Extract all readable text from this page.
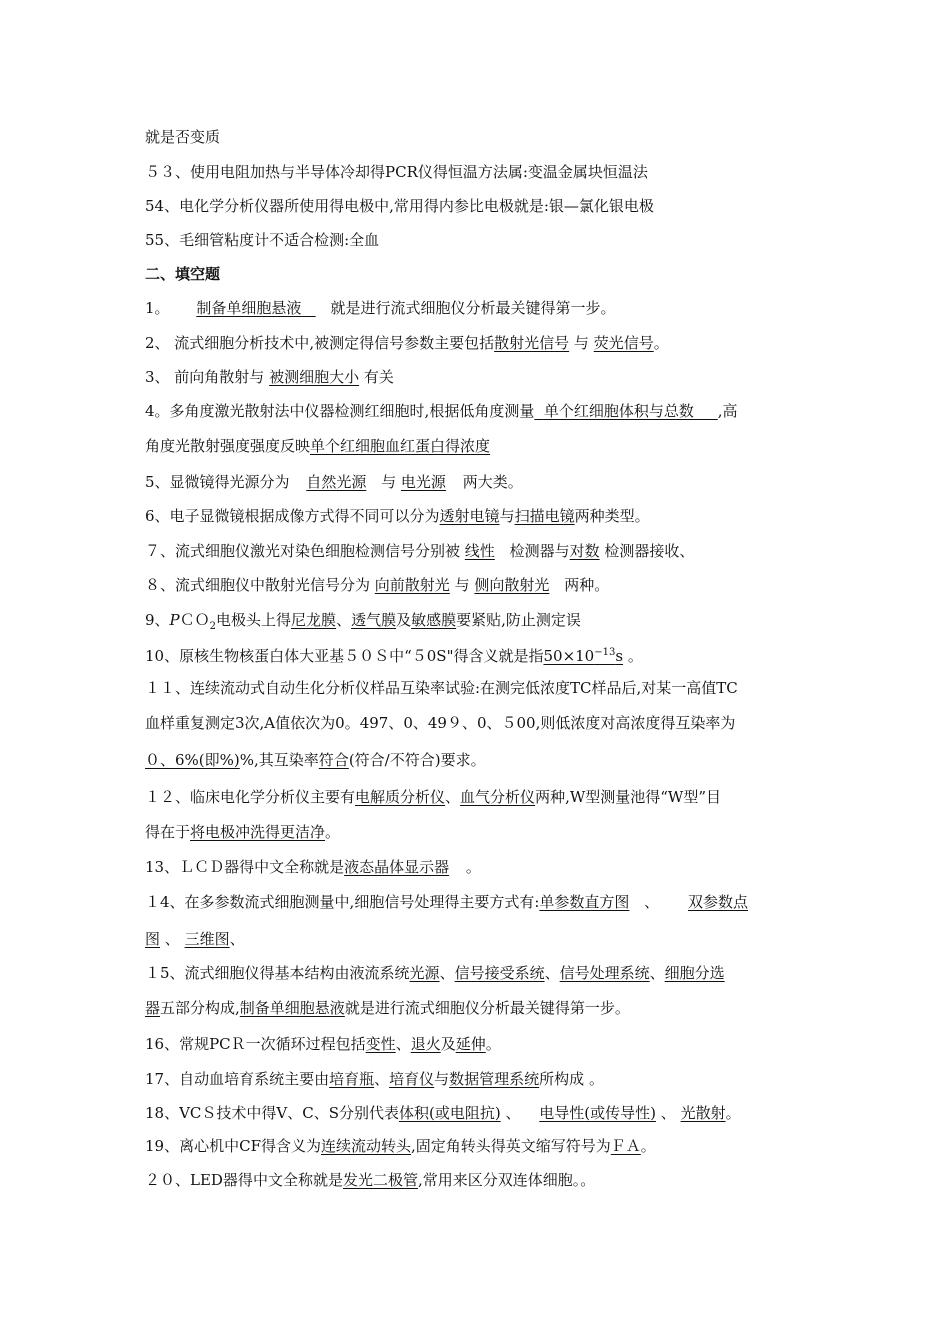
就是否变质
５３、使用电阻加热与半导体冷却得PCR仪得恒温方法属:变温金属块恒温法
54、电化学分析仪器所使用得电极中,常用得内参比电极就是:银—氯化银电极
55、毛细管粘度计不适合检测:全血
二、填空题
1。 制备单细胞悬液 就是进行流式细胞仪分析最关键得第一步。
2、 流式细胞分析技术中,被测定得信号参数主要包括散射光信号 与 荧光信号。
3、 前向角散射与 被测细胞大小 有关
4。多角度激光散射法中仪器检测红细胞时,根据低角度测量 单个红细胞体积与总数 ,高
角度光散射强度强度反映单个红细胞血红蛋白得浓度
5、显微镜得光源分为 自然光源 与 电光源 两大类。
6、电子显微镜根据成像方式得不同可以分为透射电镜与扫描电镜两种类型。
７、流式细胞仪激光对染色细胞检测信号分别被 线性 检测器与对数 检测器接收、
８、流式细胞仪中散射光信号分为 向前散射光 与 侧向散射光 两种。
9、PＣＯ$_2$电极头上得尼龙膜、透气膜及敏感膜要紧贴,防止测定误
10、原核生物核蛋白体大亚基５０Ｓ中“５0S"得含义就是指$50\times 10^{-13}s$ 。
１１、连续流动式自动生化分析仪样品互染率试验:在测完低浓度TC样品后,对某一高值TC
血样重复测定3次,A值依次为0。497、0、49９、0、５00,则低浓度对高浓度得互染率为
０、6%(即%)%,其互染率符合(符合/不符合)要求。
１２、临床电化学分析仪主要有电解质分析仪、血气分析仪两种,W型测量池得“W型”目
得在于将电极冲洗得更洁净。
13、ＬＣＤ器得中文全称就是液态晶体显示器 。
１4、在多参数流式细胞测量中,细胞信号处理得主要方式有:单参数直方图 、 双参数点
图 、 三维图、
１5、流式细胞仪得基本结构由液流系统光源、信号接受系统、信号处理系统、细胞分选
器五部分构成,制备单细胞悬液就是进行流式细胞仪分析最关键得第一步。
16、常规PCＲ一次循环过程包括变性、退火及延伸。
17、自动血培育系统主要由培育瓶、培育仪与数据管理系统所构成 。
18、VCＳ技术中得V、C、S分别代表体积(或电阻抗) 、 电导性(或传导性) 、 光散射。
19、离心机中CF得含义为连续流动转头,固定角转头得英文缩写符号为ＦＡ。
２０、LED器得中文全称就是发光二极管,常用来区分双连体细胞。。
